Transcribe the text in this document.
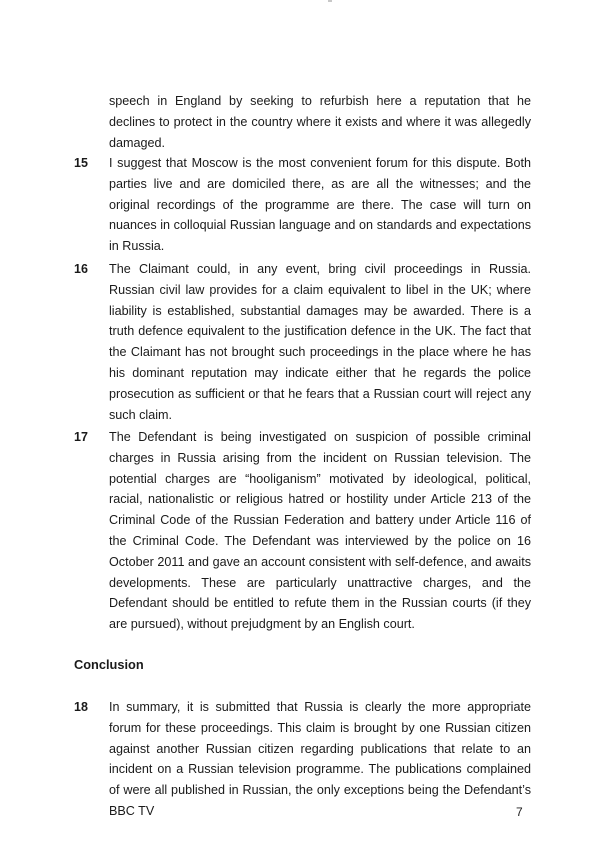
speech in England by seeking to refurbish here a reputation that he declines to protect in the country where it exists and where it was allegedly damaged.
15	I suggest that Moscow is the most convenient forum for this dispute. Both parties live and are domiciled there, as are all the witnesses; and the original recordings of the programme are there. The case will turn on nuances in colloquial Russian language and on standards and expectations in Russia.
16	The Claimant could, in any event, bring civil proceedings in Russia. Russian civil law provides for a claim equivalent to libel in the UK; where liability is established, substantial damages may be awarded. There is a truth defence equivalent to the justification defence in the UK. The fact that the Claimant has not brought such proceedings in the place where he has his dominant reputation may indicate either that he regards the police prosecution as sufficient or that he fears that a Russian court will reject any such claim.
17	The Defendant is being investigated on suspicion of possible criminal charges in Russia arising from the incident on Russian television. The potential charges are “hooliganism” motivated by ideological, political, racial, nationalistic or religious hatred or hostility under Article 213 of the Criminal Code of the Russian Federation and battery under Article 116 of the Criminal Code. The Defendant was interviewed by the police on 16 October 2011 and gave an account consistent with self-defence, and awaits developments. These are particularly unattractive charges, and the Defendant should be entitled to refute them in the Russian courts (if they are pursued), without prejudgment by an English court.
Conclusion
18	In summary, it is submitted that Russia is clearly the more appropriate forum for these proceedings. This claim is brought by one Russian citizen against another Russian citizen regarding publications that relate to an incident on a Russian television programme. The publications complained of were all published in Russian, the only exceptions being the Defendant’s BBC TV	7
